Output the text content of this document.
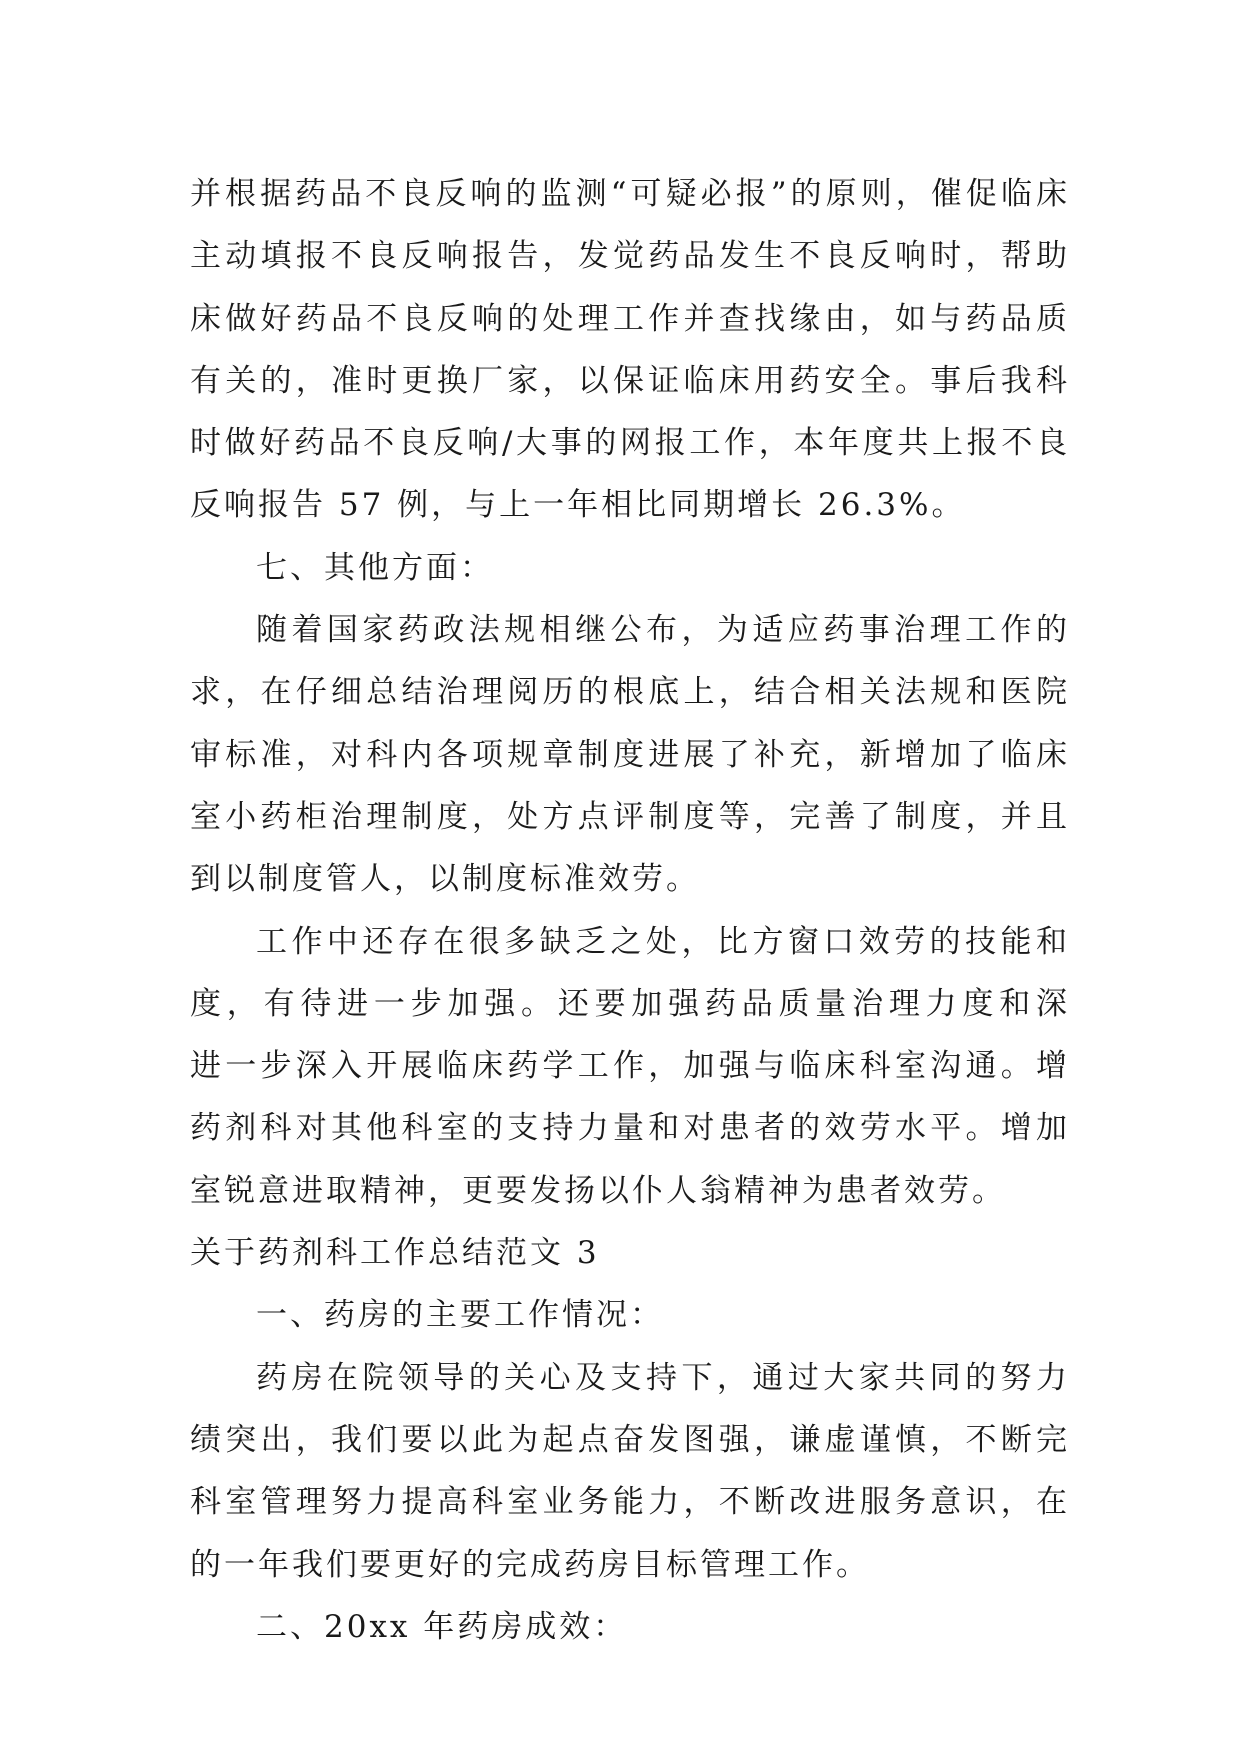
并根据药品不良反响的监测“可疑必报”的原则，催促临床
主动填报不良反响报告，发觉药品发生不良反响时，帮助
床做好药品不良反响的处理工作并查找缘由，如与药品质
有关的，准时更换厂家，以保证临床用药安全。事后我科
时做好药品不良反响/大事的网报工作，本年度共上报不良
反响报告 57 例，与上一年相比同期增长 26.3%。
七、其他方面：
随着国家药政法规相继公布，为适应药事治理工作的
求，在仔细总结治理阅历的根底上，结合相关法规和医院
审标准，对科内各项规章制度进展了补充，新增加了临床
室小药柜治理制度，处方点评制度等，完善了制度，并且
到以制度管人，以制度标准效劳。
工作中还存在很多缺乏之处，比方窗口效劳的技能和
度，有待进一步加强。还要加强药品质量治理力度和深
进一步深入开展临床药学工作，加强与临床科室沟通。增
药剂科对其他科室的支持力量和对患者的效劳水平。增加
室锐意进取精神，更要发扬以仆人翁精神为患者效劳。
关于药剂科工作总结范文 3
一、药房的主要工作情况：
药房在院领导的关心及支持下，通过大家共同的努力
绩突出，我们要以此为起点奋发图强，谦虚谨慎，不断完
科室管理努力提高科室业务能力，不断改进服务意识，在
的一年我们要更好的完成药房目标管理工作。
二、20xx 年药房成效：
